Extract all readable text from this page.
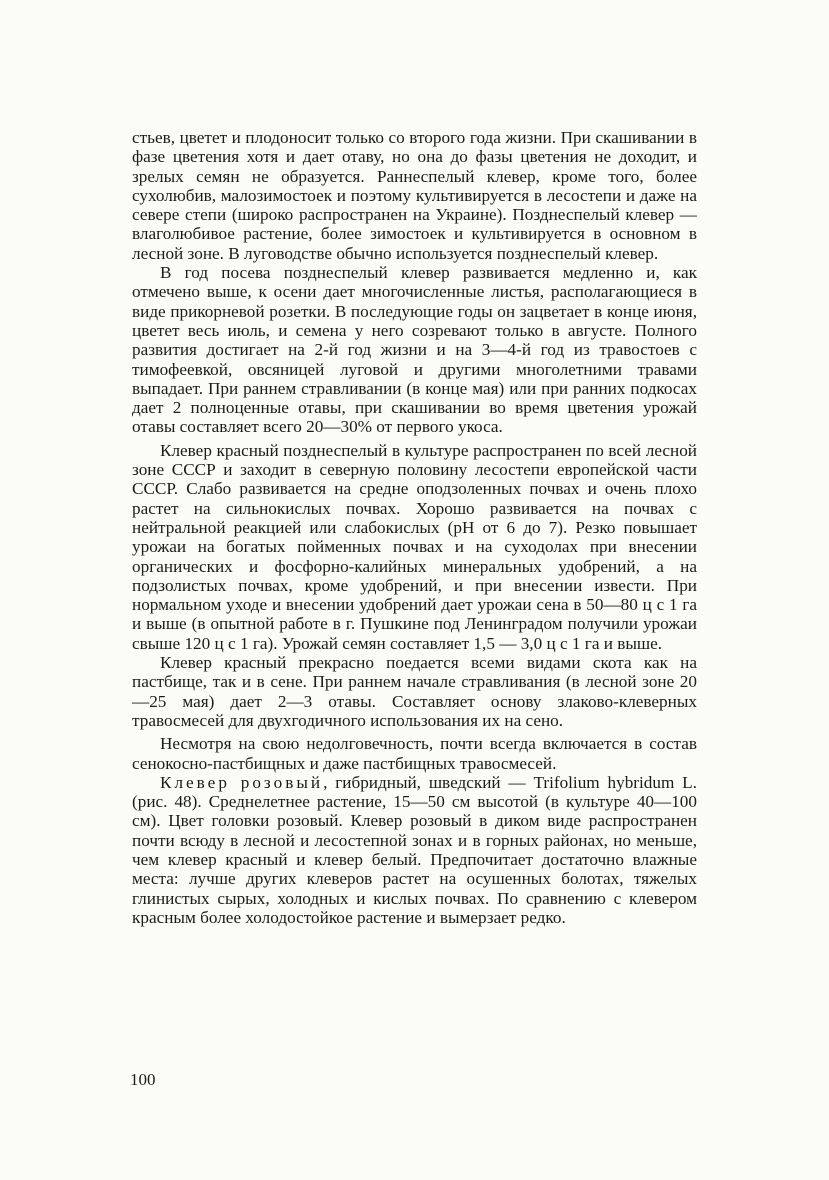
стьев, цветет и плодоносит только со второго года жизни. При скашивании в фазе цветения хотя и дает отаву, но она до фазы цветения не доходит, и зрелых семян не образуется. Раннеспелый клевер, кроме того, более сухолюбив, малозимостоек и поэтому культивируется в лесостепи и даже на севере степи (широко распространен на Украине). Позднеспелый клевер — влаголюбивое растение, более зимостоек и культивируется в основном в лесной зоне. В луговодстве обычно используется позднеспелый клевер.

В год посева позднеспелый клевер развивается медленно и, как отмечено выше, к осени дает многочисленные листья, располагающиеся в виде прикорневой розетки. В последующие годы он зацветает в конце июня, цветет весь июль, и семена у него созревают только в августе. Полного развития достигает на 2-й год жизни и на 3—4-й год из травостоев с тимофеевкой, овсяницей луговой и другими многолетними травами выпадает. При раннем стравливании (в конце мая) или при ранних подкосах дает 2 полноценные отавы, при скашивании во время цветения урожай отавы составляет всего 20—30% от первого укоса.

Клевер красный позднеспелый в культуре распространен по всей лесной зоне СССР и заходит в северную половину лесостепи европейской части СССР. Слабо развивается на средне оподзоленных почвах и очень плохо растет на сильнокислых почвах. Хорошо развивается на почвах с нейтральной реакцией или слабокислых (pH от 6 до 7). Резко повышает урожаи на богатых пойменных почвах и на суходолах при внесении органических и фосфорно-калийных минеральных удобрений, а на подзолистых почвах, кроме удобрений, и при внесении извести. При нормальном уходе и внесении удобрений дает урожаи сена в 50—80 ц с 1 га и выше (в опытной работе в г. Пушкине под Ленинградом получили урожаи свыше 120 ц с 1 га). Урожай семян составляет 1,5 — 3,0 ц с 1 га и выше.

Клевер красный прекрасно поедается всеми видами скота как на пастбище, так и в сене. При раннем начале стравливания (в лесной зоне 20—25 мая) дает 2—3 отавы. Составляет основу злаково-клеверных травосмесей для двухгодичного использования их на сено.

Несмотря на свою недолговечность, почти всегда включается в состав сенокосно-пастбищных и даже пастбищных травосмесей.

Клевер розовый, гибридный, шведский — Trifolium hybridum L. (рис. 48). Среднелетнее растение, 15—50 см высотой (в культуре 40—100 см). Цвет головки розовый. Клевер розовый в диком виде распространен почти всюду в лесной и лесостепной зонах и в горных районах, но меньше, чем клевер красный и клевер белый. Предпочитает достаточно влажные места: лучше других клеверов растет на осушенных болотах, тяжелых глинистых сырых, холодных и кислых почвах. По сравнению с клевером красным более холодостойкое растение и вымерзает редко.

100
